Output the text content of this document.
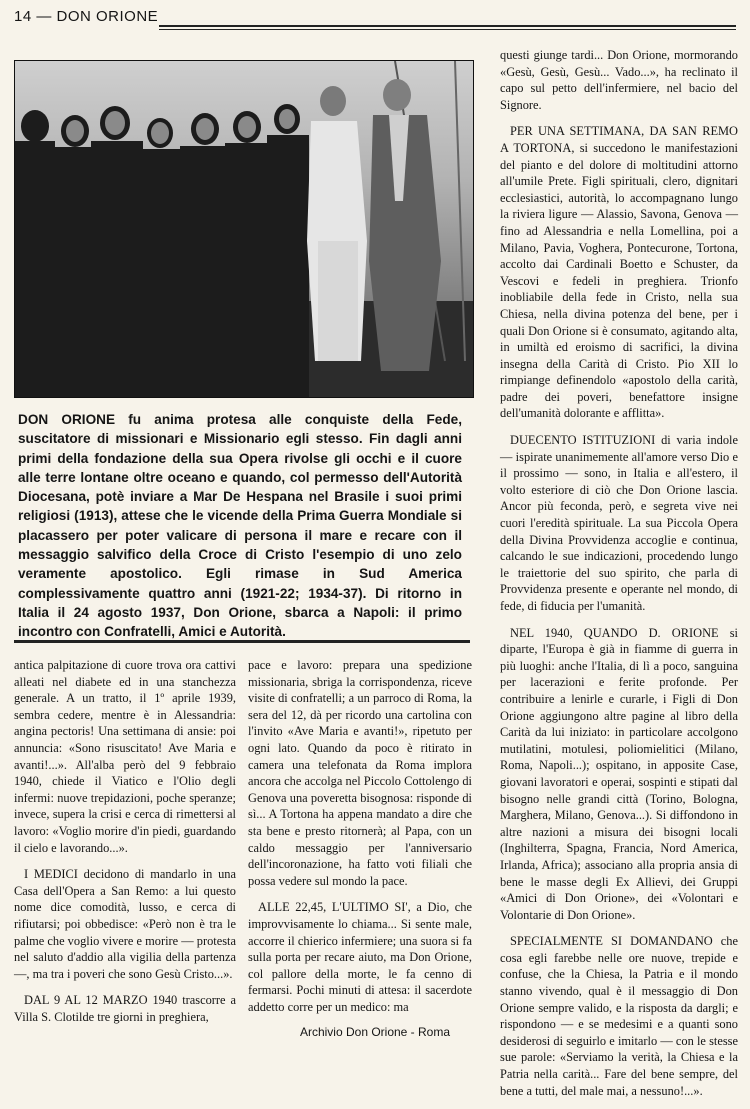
14 — DON ORIONE
DON ORIONE fu anima protesa alle conquiste della Fede, suscitatore di missionari e Missionario egli stesso. Fin dagli anni primi della fondazione della sua Opera rivolse gli occhi e il cuore alle terre lontane oltre oceano e quando, col permesso dell'Autorità Diocesana, potè inviare a Mar De Hespana nel Brasile i suoi primi religiosi (1913), attese che le vicende della Prima Guerra Mondiale si placassero per poter valicare di persona il mare e recare con il messaggio salvifico della Croce di Cristo l'esempio di uno zelo veramente apostolico. Egli rimase in Sud America complessivamente quattro anni (1921-22; 1934-37). Di ritorno in Italia il 24 agosto 1937, Don Orione, sbarca a Napoli: il primo incontro con Confratelli, Amici e Autorità.

antica palpitazione di cuore trova ora cattivi alleati nel diabete ed in una stanchezza generale. A un tratto, il 1º aprile 1939, sembra cedere, mentre è in Alessandria: angina pectoris! Una settimana di ansie: poi annuncia: «Sono risuscitato! Ave Maria e avanti!...». All'alba però del 9 febbraio 1940, chiede il Viatico e l'Olio degli infermi: nuove trepidazioni, poche speranze; invece, supera la crisi e cerca di rimettersi al lavoro: «Voglio morire d'in piedi, guardando il cielo e lavorando...».

I MEDICI decidono di mandarlo in una Casa dell'Opera a San Remo: a lui questo nome dice comodità, lusso, e cerca di rifiutarsi; poi obbedisce: «Però non è tra le palme che voglio vivere e morire — protesta nel saluto d'addio alla vigilia della partenza —, ma tra i poveri che sono Gesù Cristo...».

DAL 9 AL 12 MARZO 1940 trascorre a Villa S. Clotilde tre giorni in preghiera,

pace e lavoro: prepara una spedizione missionaria, sbriga la corrispondenza, riceve visite di confratelli; a un parroco di Roma, la sera del 12, dà per ricordo una cartolina con l'invito «Ave Maria e avanti!», ripetuto per ogni lato. Quando da poco è ritirato in camera una telefonata da Roma implora ancora che accolga nel Piccolo Cottolengo di Genova una poveretta bisognosa: risponde di sì... A Tortona ha appena mandato a dire che sta bene e presto ritornerà; al Papa, con un caldo messaggio per l'anniversario dell'incoronazione, ha fatto voti filiali che possa vedere sul mondo la pace.

ALLE 22,45, L'ULTIMO SI', a Dio, che improvvisamente lo chiama... Si sente male, accorre il chierico infermiere; una suora si fa sulla porta per recare aiuto, ma Don Orione, col pallore della morte, le fa cenno di fermarsi. Pochi minuti di attesa: il sacerdote addetto corre per un medico: ma

questi giunge tardi... Don Orione, mormorando «Gesù, Gesù, Gesù... Vado...», ha reclinato il capo sul petto dell'infermiere, nel bacio del Signore.

PER UNA SETTIMANA, DA SAN REMO A TORTONA, si succedono le manifestazioni del pianto e del dolore di moltitudini attorno all'umile Prete. Figli spirituali, clero, dignitari ecclesiastici, autorità, lo accompagnano lungo la riviera ligure — Alassio, Savona, Genova — fino ad Alessandria e nella Lomellina, poi a Milano, Pavia, Voghera, Pontecurone, Tortona, accolto dai Cardinali Boetto e Schuster, da Vescovi e fedeli in preghiera. Trionfo inobliabile della fede in Cristo, nella sua Chiesa, nella divina potenza del bene, per i quali Don Orione si è consumato, agitando alta, in umiltà ed eroismo di sacrifici, la divina insegna della Carità di Cristo. Pio XII lo rimpiange definendolo «apostolo della carità, padre dei poveri, benefattore insigne dell'umanità dolorante e afflitta».

DUECENTO ISTITUZIONI di varia indole — ispirate unanimemente all'amore verso Dio e il prossimo — sono, in Italia e all'estero, il volto esteriore di ciò che Don Orione lascia. Ancor più feconda, però, e segreta vive nei cuori l'eredità spirituale. La sua Piccola Opera della Divina Provvidenza accoglie e continua, calcando le sue indicazioni, procedendo lungo le traiettorie del suo spirito, che parla di Provvidenza presente e operante nel mondo, di fede, di fiducia per l'umanità.

NEL 1940, QUANDO D. ORIONE si diparte, l'Europa è già in fiamme di guerra in più luoghi: anche l'Italia, di lì a poco, sanguina per lacerazioni e ferite profonde. Per contribuire a lenirle e curarle, i Figli di Don Orione aggiungono altre pagine al libro della Carità da lui iniziato: in particolare accolgono mutilatini, motulesi, poliomielitici (Milano, Roma, Napoli...); ospitano, in apposite Case, giovani lavoratori e operai, sospinti e stipati dal bisogno nelle grandi città (Torino, Bologna, Marghera, Milano, Genova...). Si diffondono in altre nazioni a misura dei bisogni locali (Inghilterra, Spagna, Francia, Nord America, Irlanda, Africa); associano alla propria ansia di bene le masse degli Ex Allievi, dei Gruppi «Amici di Don Orione», dei «Volontari e Volontarie di Don Orione».

SPECIALMENTE SI DOMANDANO che cosa egli farebbe nelle ore nuove, trepide e confuse, che la Chiesa, la Patria e il mondo stanno vivendo, qual è il messaggio di Don Orione sempre valido, e la risposta da dargli; e rispondono — e se medesimi e a quanti sono desiderosi di seguirlo e imitarlo — con le stesse sue parole: «Serviamo la verità, la Chiesa e la Patria nella carità... Fare del bene sempre, del bene a tutti, del male mai, a nessuno!...».

Archivio Don Orione - Roma
